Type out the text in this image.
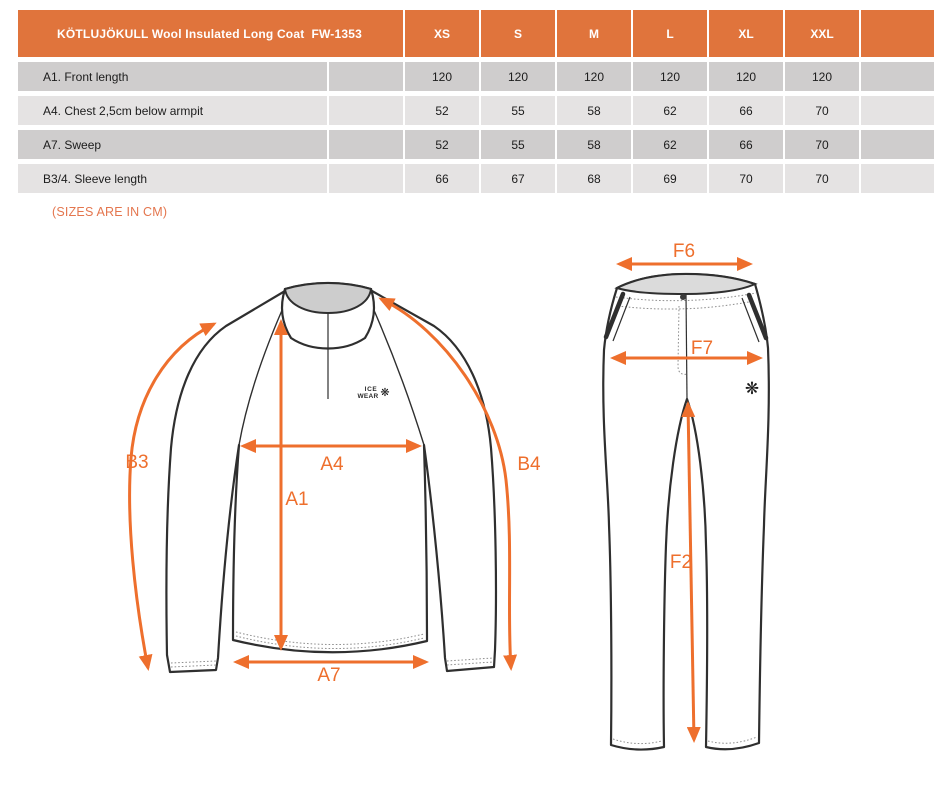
KÖTLUJÖKULL Wool Insulated Long Coat  FW-1353	XS	S	M	L	XL	XXL
A1. Front length	120	120	120	120	120	120
A4. Chest 2,5cm below armpit	52	55	58	62	66	70
A7. Sweep	52	55	58	62	66	70
B3/4. Sleeve length	66	67	68	69	70	70
(SIZES ARE IN CM)
ICE
WEAR ❋
A1
A4
A7
B3	B4
❋
F6
F7
F2
